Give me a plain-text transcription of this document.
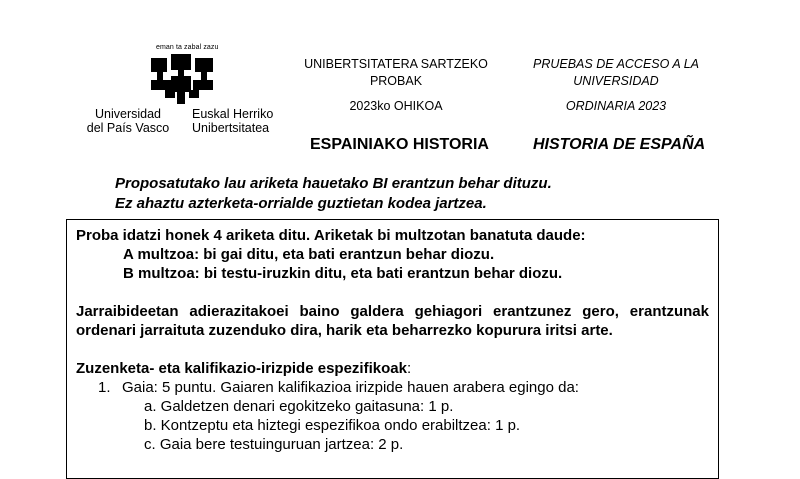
eman ta zabal zazu
Universidad
del País Vasco
Euskal Herriko
Unibertsitatea
UNIBERTSITATERA SARTZEKO
PROBAK
PRUEBAS DE ACCESO A LA
UNIVERSIDAD
2023ko OHIKOA	ORDINARIA 2023
ESPAINIAKO HISTORIA	HISTORIA DE ESPAÑA
Proposatutako lau ariketa hauetako BI erantzun behar dituzu.
Ez ahaztu azterketa-orrialde guztietan kodea jartzea.
Proba idatzi honek 4 ariketa ditu. Ariketak bi multzotan banatuta daude:
A multzoa: bi gai ditu, eta bati erantzun behar diozu.
B multzoa: bi testu-iruzkin ditu, eta bati erantzun behar diozu.
Jarraibideetan adierazitakoei baino galdera gehiagori erantzunez gero, erantzunak ordenari jarraituta zuzenduko dira, harik eta beharrezko kopurura iritsi arte.
Zuzenketa- eta kalifikazio-irizpide espezifikoak:
1. Gaia: 5 puntu. Gaiaren kalifikazioa irizpide hauen arabera egingo da:
a. Galdetzen denari egokitzeko gaitasuna: 1 p.
b. Kontzeptu eta hiztegi espezifikoa ondo erabiltzea: 1 p.
c. Gaia bere testuinguruan jartzea: 2 p.
